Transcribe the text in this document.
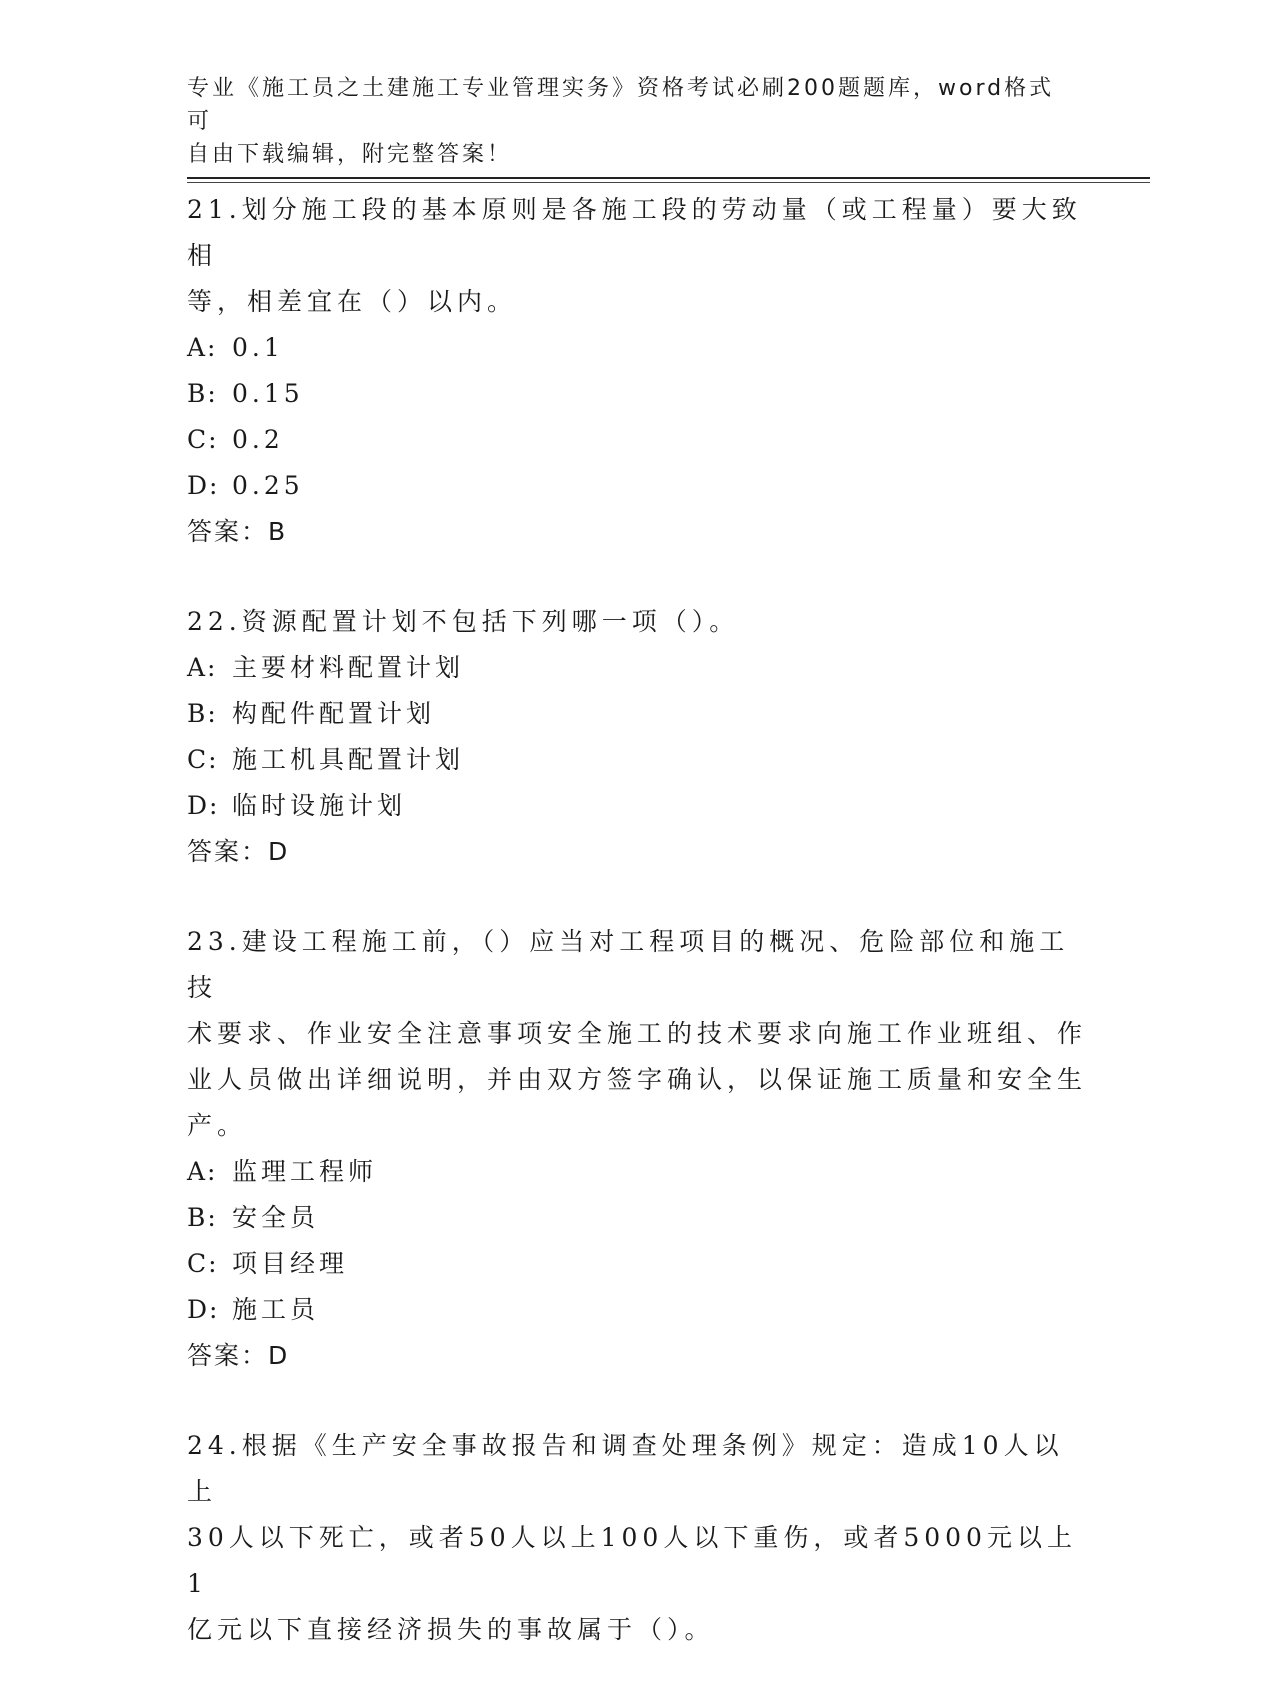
专业《施工员之土建施工专业管理实务》资格考试必刷200题题库，word格式可
自由下载编辑，附完整答案！

21.划分施工段的基本原则是各施工段的劳动量（或工程量）要大致相

等，相差宜在（）以内。

A: 0.1

B: 0.15

C: 0.2

D: 0.25

答案：B

22.资源配置计划不包括下列哪一项（）。

A: 主要材料配置计划

B: 构配件配置计划

C: 施工机具配置计划

D: 临时设施计划

答案：D

23.建设工程施工前，（）应当对工程项目的概况、危险部位和施工技

术要求、作业安全注意事项安全施工的技术要求向施工作业班组、作

业人员做出详细说明，并由双方签字确认，以保证施工质量和安全生

产。

A: 监理工程师

B: 安全员

C: 项目经理

D: 施工员

答案：D

24.根据《生产安全事故报告和调查处理条例》规定：造成10人以上

30人以下死亡，或者50人以上100人以下重伤，或者5000元以上1

亿元以下直接经济损失的事故属于（）。
